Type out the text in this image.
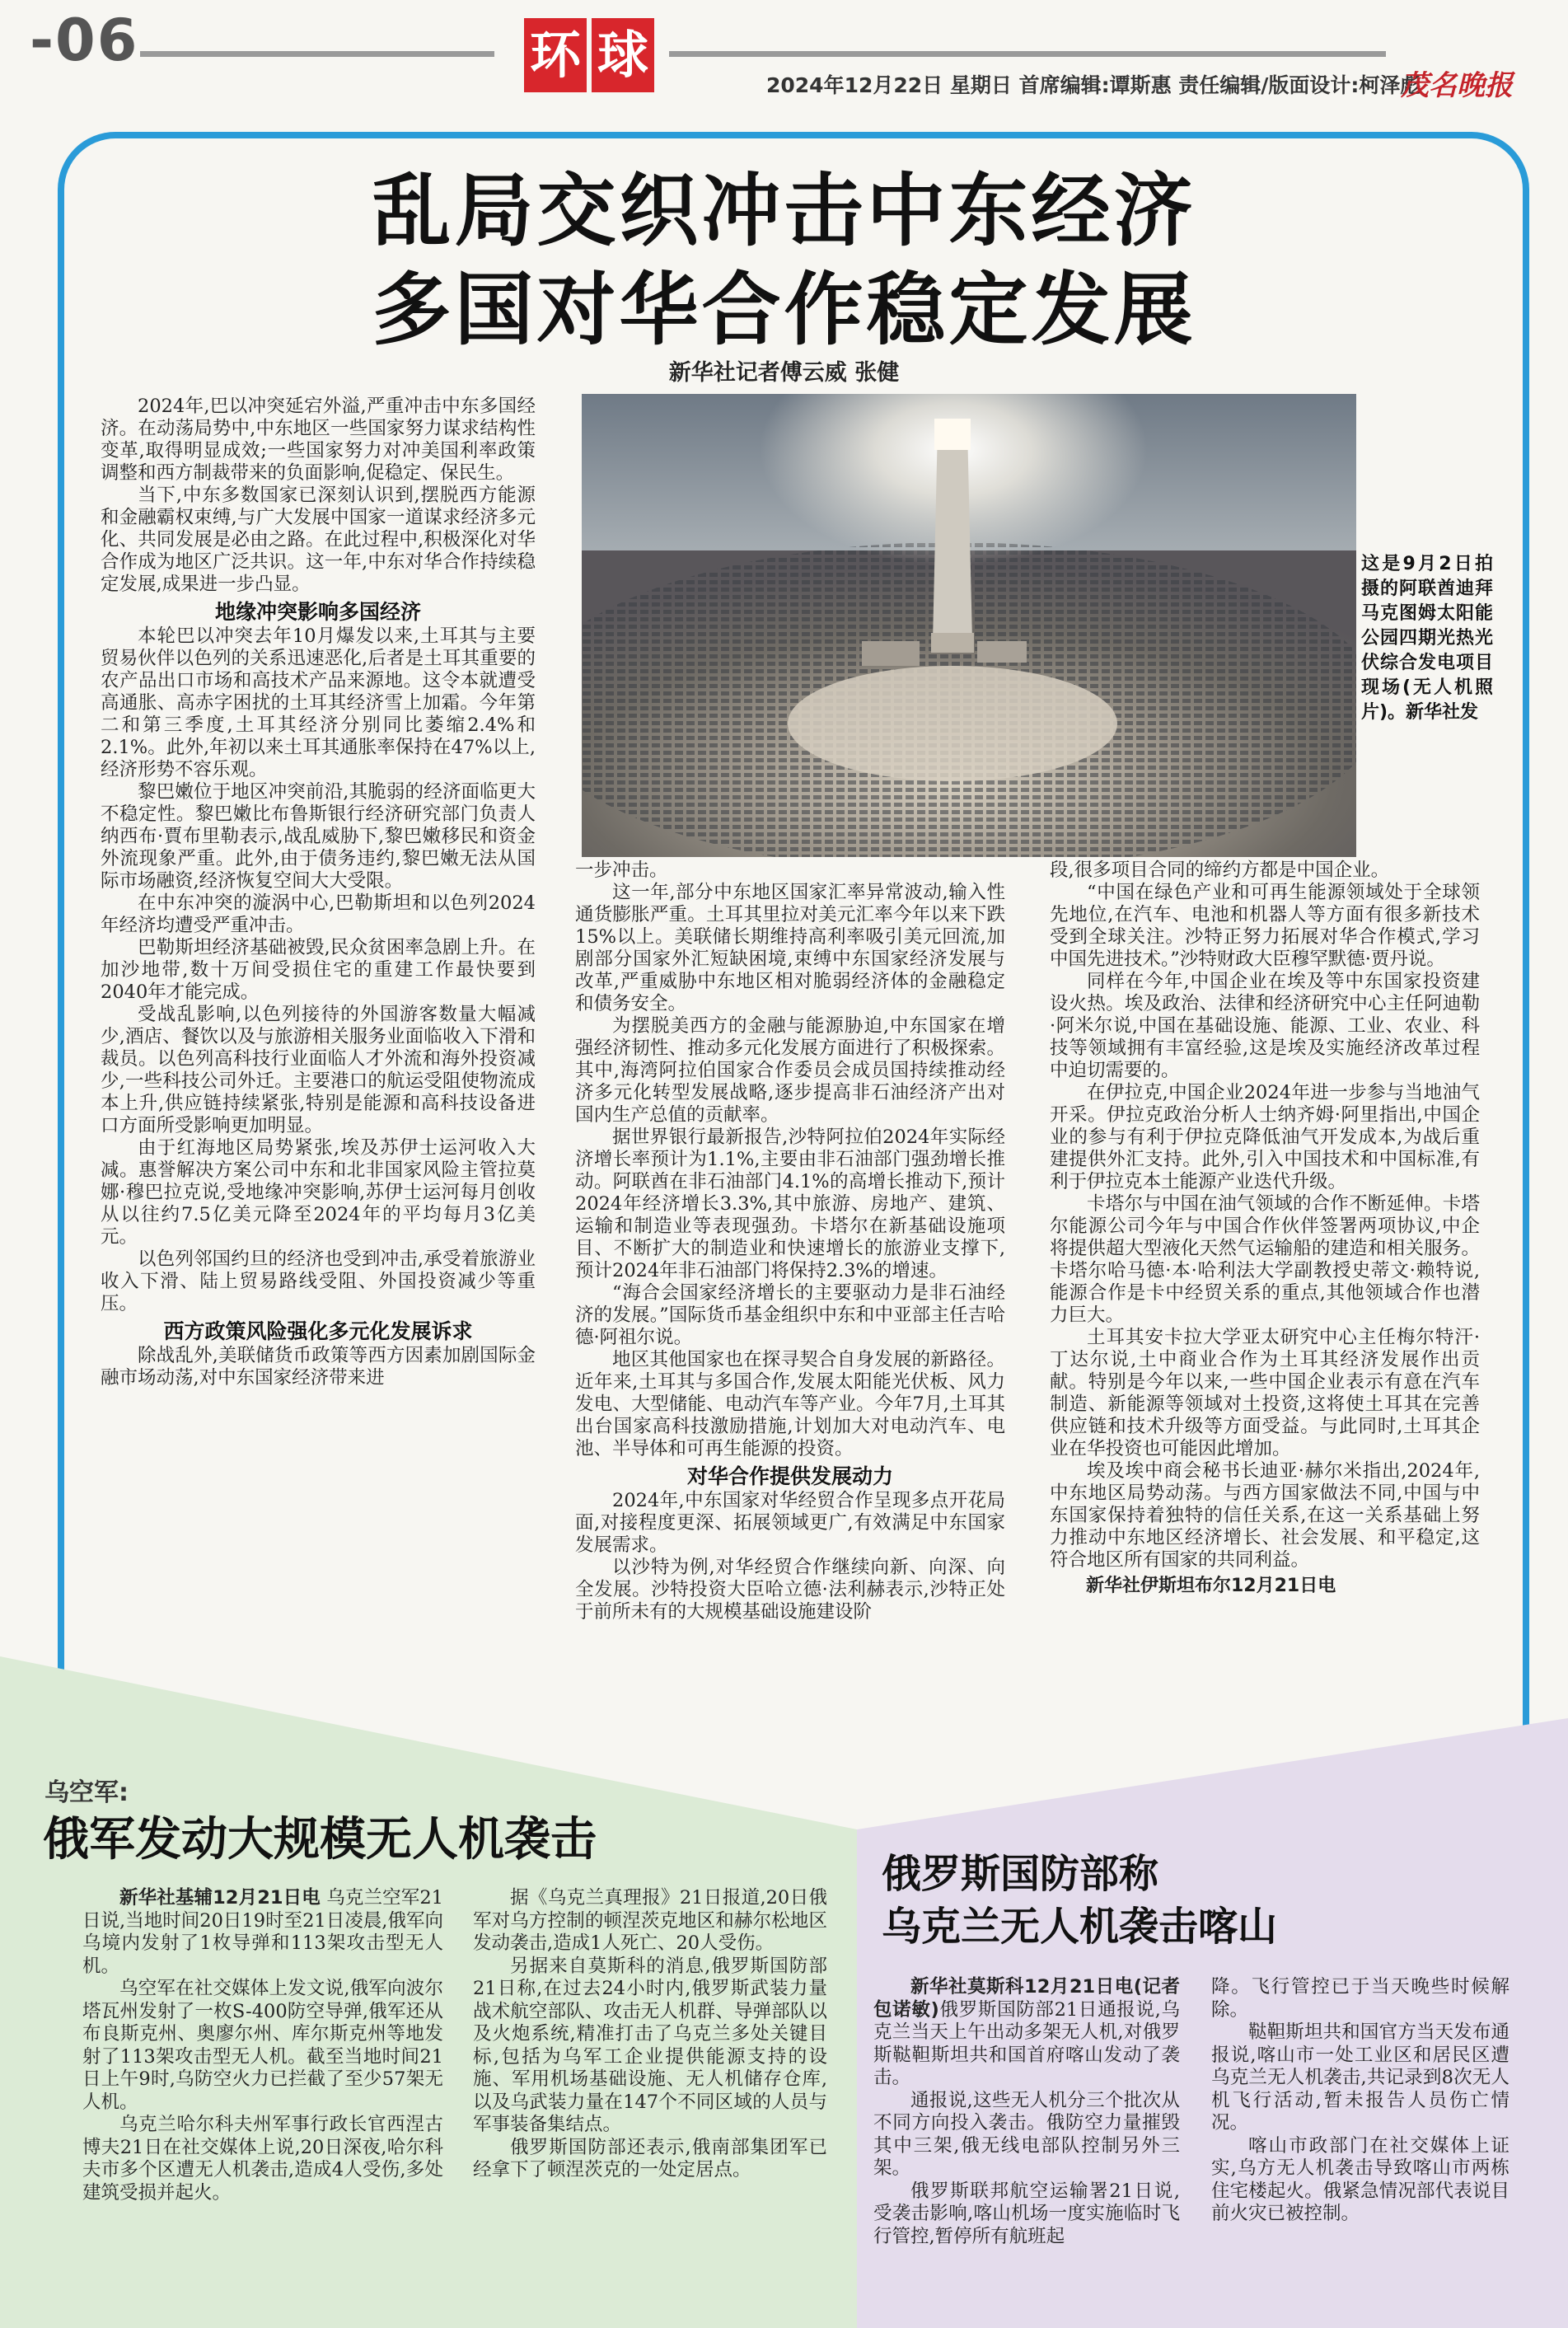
-06	环 球
2024年12月22日 星期日 首席编辑:谭斯惠 责任编辑/版面设计:柯泽彪
茂名晚报
乱局交织冲击中东经济
多国对华合作稳定发展
新华社记者傅云威 张健

2024年,巴以冲突延宕外溢,严重冲击中东多国经济。在动荡局势中,中东地区一些国家努力谋求结构性变革,取得明显成效;一些国家努力对冲美国利率政策调整和西方制裁带来的负面影响,促稳定、保民生。

当下,中东多数国家已深刻认识到,摆脱西方能源和金融霸权束缚,与广大发展中国家一道谋求经济多元化、共同发展是必由之路。在此过程中,积极深化对华合作成为地区广泛共识。这一年,中东对华合作持续稳定发展,成果进一步凸显。

地缘冲突影响多国经济

本轮巴以冲突去年10月爆发以来,土耳其与主要贸易伙伴以色列的关系迅速恶化,后者是土耳其重要的农产品出口市场和高技术产品来源地。这令本就遭受高通胀、高赤字困扰的土耳其经济雪上加霜。今年第二和第三季度,土耳其经济分别同比萎缩2.4%和2.1%。此外,年初以来土耳其通胀率保持在47%以上,经济形势不容乐观。

黎巴嫩位于地区冲突前沿,其脆弱的经济面临更大不稳定性。黎巴嫩比布鲁斯银行经济研究部门负责人纳西布·賈布里勒表示,战乱威胁下,黎巴嫩移民和资金外流现象严重。此外,由于债务违约,黎巴嫩无法从国际市场融资,经济恢复空间大大受限。

在中东冲突的漩涡中心,巴勒斯坦和以色列2024年经济均遭受严重冲击。

巴勒斯坦经济基础被毁,民众贫困率急剧上升。在加沙地带,数十万间受损住宅的重建工作最快要到2040年才能完成。

受战乱影响,以色列接待的外国游客数量大幅减少,酒店、餐饮以及与旅游相关服务业面临收入下滑和裁员。以色列高科技行业面临人才外流和海外投资减少,一些科技公司外迁。主要港口的航运受阻使物流成本上升,供应链持续紧张,特别是能源和高科技设备进口方面所受影响更加明显。

由于红海地区局势紧张,埃及苏伊士运河收入大减。惠誉解决方案公司中东和北非国家风险主管拉莫娜·穆巴拉克说,受地缘冲突影响,苏伊士运河每月创收从以往约7.5亿美元降至2024年的平均每月3亿美元。

以色列邻国约旦的经济也受到冲击,承受着旅游业收入下滑、陆上贸易路线受阻、外国投资减少等重压。

西方政策风险强化多元化发展诉求

除战乱外,美联储货币政策等西方因素加剧国际金融市场动荡,对中东国家经济带来进

这是9月2日拍摄的阿联酋迪拜马克图姆太阳能公园四期光热光伏综合发电项目现场(无人机照片)。新华社发

一步冲击。

这一年,部分中东地区国家汇率异常波动,输入性通货膨胀严重。土耳其里拉对美元汇率今年以来下跌15%以上。美联储长期维持高利率吸引美元回流,加剧部分国家外汇短缺困境,束缚中东国家经济发展与改革,严重威胁中东地区相对脆弱经济体的金融稳定和债务安全。

为摆脱美西方的金融与能源胁迫,中东国家在增强经济韧性、推动多元化发展方面进行了积极探索。其中,海湾阿拉伯国家合作委员会成员国持续推动经济多元化转型发展战略,逐步提高非石油经济产出对国内生产总值的贡献率。

据世界银行最新报告,沙特阿拉伯2024年实际经济增长率预计为1.1%,主要由非石油部门强劲增长推动。阿联酋在非石油部门4.1%的高增长推动下,预计2024年经济增长3.3%,其中旅游、房地产、建筑、运输和制造业等表现强劲。卡塔尔在新基础设施项目、不断扩大的制造业和快速增长的旅游业支撑下,预计2024年非石油部门将保持2.3%的增速。

“海合会国家经济增长的主要驱动力是非石油经济的发展。”国际货币基金组织中东和中亚部主任吉哈德·阿祖尔说。

地区其他国家也在探寻契合自身发展的新路径。近年来,土耳其与多国合作,发展太阳能光伏板、风力发电、大型储能、电动汽车等产业。今年7月,土耳其出台国家高科技激励措施,计划加大对电动汽车、电池、半导体和可再生能源的投资。

对华合作提供发展动力

2024年,中东国家对华经贸合作呈现多点开花局面,对接程度更深、拓展领域更广,有效满足中东国家发展需求。

以沙特为例,对华经贸合作继续向新、向深、向全发展。沙特投资大臣哈立德·法利赫表示,沙特正处于前所未有的大规模基础设施建设阶

段,很多项目合同的缔约方都是中国企业。

“中国在绿色产业和可再生能源领域处于全球领先地位,在汽车、电池和机器人等方面有很多新技术受到全球关注。沙特正努力拓展对华合作模式,学习中国先进技术。”沙特财政大臣穆罕默德·贾丹说。

同样在今年,中国企业在埃及等中东国家投资建设火热。埃及政治、法律和经济研究中心主任阿迪勒·阿米尔说,中国在基础设施、能源、工业、农业、科技等领域拥有丰富经验,这是埃及实施经济改革过程中迫切需要的。

在伊拉克,中国企业2024年进一步参与当地油气开采。伊拉克政治分析人士纳齐姆·阿里指出,中国企业的参与有利于伊拉克降低油气开发成本,为战后重建提供外汇支持。此外,引入中国技术和中国标准,有利于伊拉克本土能源产业迭代升级。

卡塔尔与中国在油气领域的合作不断延伸。卡塔尔能源公司今年与中国合作伙伴签署两项协议,中企将提供超大型液化天然气运输船的建造和相关服务。卡塔尔哈马德·本·哈利法大学副教授史蒂文·赖特说,能源合作是卡中经贸关系的重点,其他领域合作也潜力巨大。

土耳其安卡拉大学亚太研究中心主任梅尔特汗·丁达尔说,土中商业合作为土耳其经济发展作出贡献。特别是今年以来,一些中国企业表示有意在汽车制造、新能源等领域对土投资,这将使土耳其在完善供应链和技术升级等方面受益。与此同时,土耳其企业在华投资也可能因此增加。

埃及埃中商会秘书长迪亚·赫尔米指出,2024年,中东地区局势动荡。与西方国家做法不同,中国与中东国家保持着独特的信任关系,在这一关系基础上努力推动中东地区经济增长、社会发展、和平稳定,这符合地区所有国家的共同利益。

新华社伊斯坦布尔12月21日电

乌空军:
俄军发动大规模无人机袭击

新华社基辅12月21日电 乌克兰空军21日说,当地时间20日19时至21日凌晨,俄军向乌境内发射了1枚导弹和113架攻击型无人机。

乌空军在社交媒体上发文说,俄军向波尔塔瓦州发射了一枚S-400防空导弹,俄军还从布良斯克州、奥廖尔州、库尔斯克州等地发射了113架攻击型无人机。截至当地时间21日上午9时,乌防空火力已拦截了至少57架无人机。

乌克兰哈尔科夫州军事行政长官西涅古博夫21日在社交媒体上说,20日深夜,哈尔科夫市多个区遭无人机袭击,造成4人受伤,多处建筑受损并起火。

据《乌克兰真理报》21日报道,20日俄军对乌方控制的顿涅茨克地区和赫尔松地区发动袭击,造成1人死亡、20人受伤。

另据来自莫斯科的消息,俄罗斯国防部21日称,在过去24小时内,俄罗斯武装力量战术航空部队、攻击无人机群、导弹部队以及火炮系统,精准打击了乌克兰多处关键目标,包括为乌军工企业提供能源支持的设施、军用机场基础设施、无人机储存仓库,以及乌武装力量在147个不同区域的人员与军事装备集结点。

俄罗斯国防部还表示,俄南部集团军已经拿下了顿涅茨克的一处定居点。

俄罗斯国防部称
乌克兰无人机袭击喀山

新华社莫斯科12月21日电(记者包诺敏)俄罗斯国防部21日通报说,乌克兰当天上午出动多架无人机,对俄罗斯鞑靼斯坦共和国首府喀山发动了袭击。

通报说,这些无人机分三个批次从不同方向投入袭击。俄防空力量摧毁其中三架,俄无线电部队控制另外三架。

俄罗斯联邦航空运输署21日说,受袭击影响,喀山机场一度实施临时飞行管控,暂停所有航班起

降。飞行管控已于当天晚些时候解除。

鞑靼斯坦共和国官方当天发布通报说,喀山市一处工业区和居民区遭乌克兰无人机袭击,共记录到8次无人机飞行活动,暂未报告人员伤亡情况。

喀山市政部门在社交媒体上证实,乌方无人机袭击导致喀山市两栋住宅楼起火。俄紧急情况部代表说目前火灾已被控制。
